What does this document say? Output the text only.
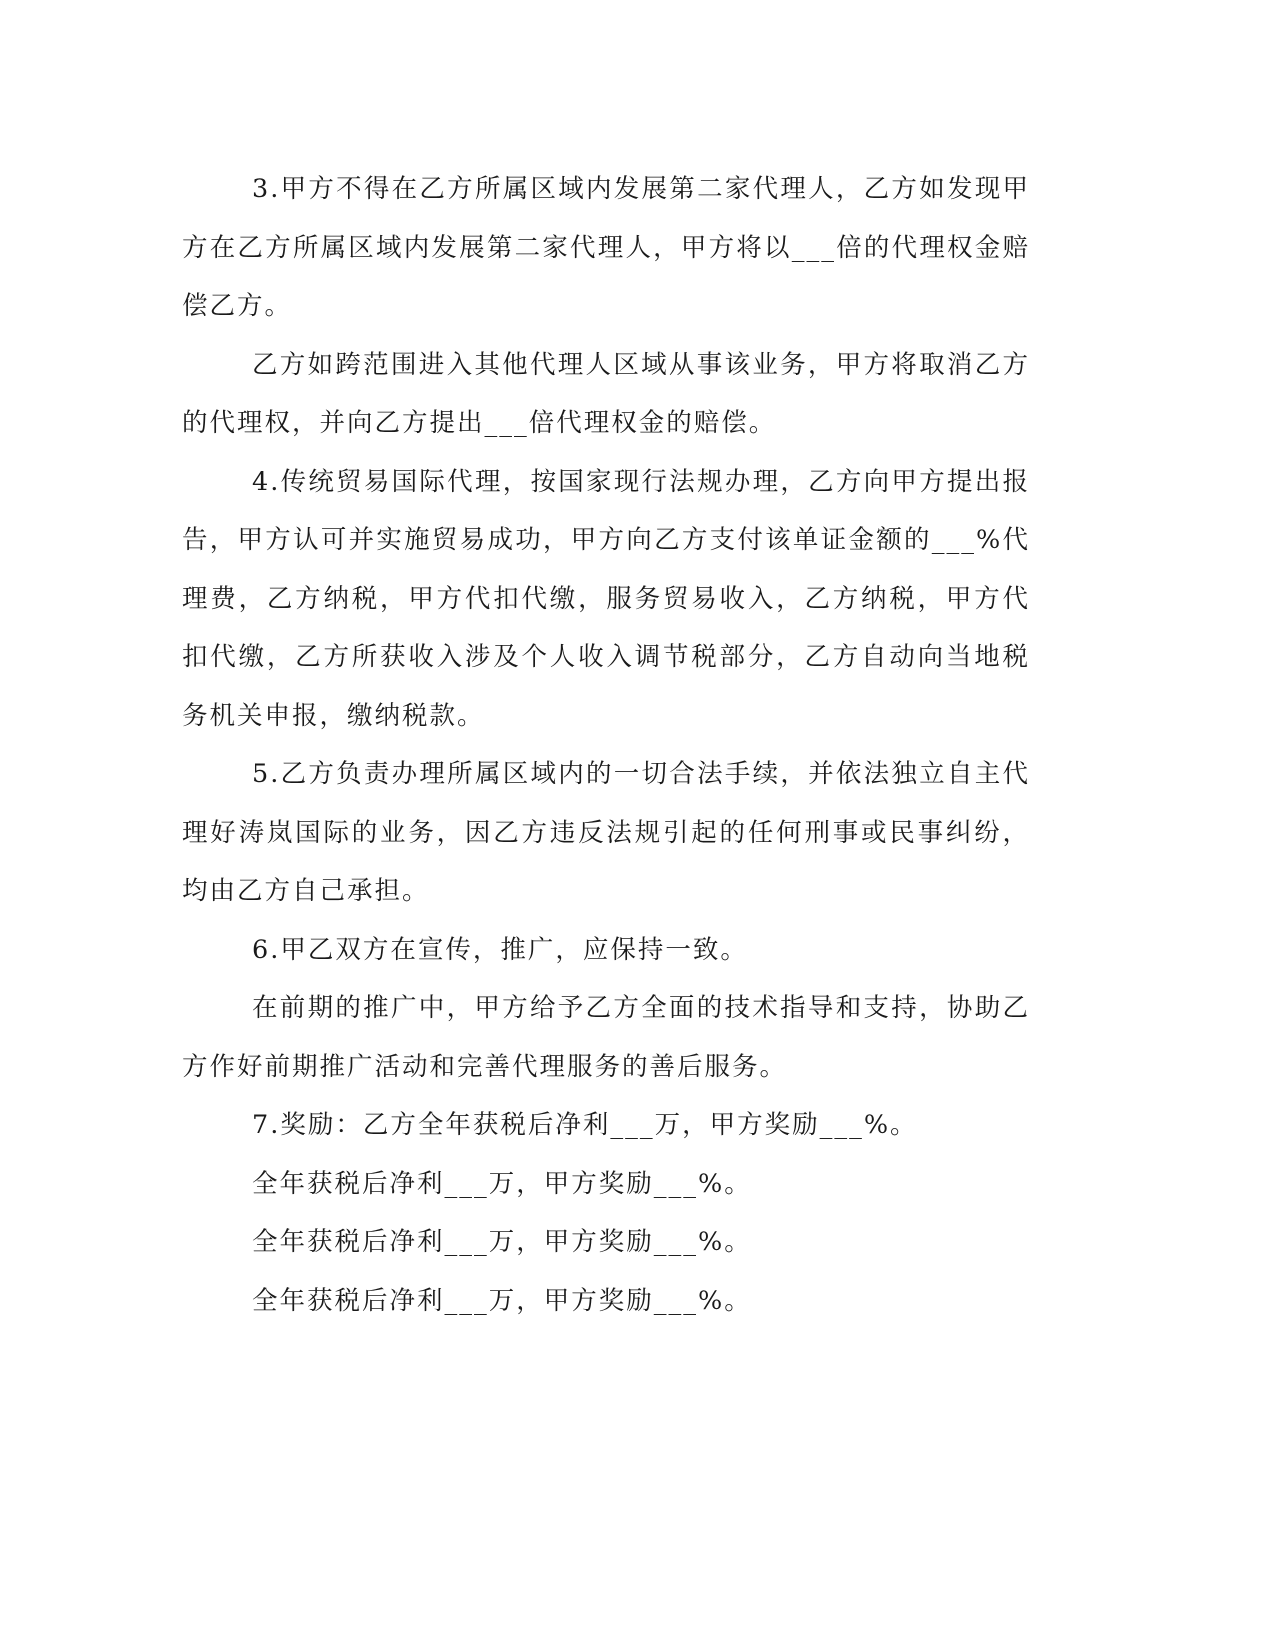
3.甲方不得在乙方所属区域内发展第二家代理人，乙方如发现甲方在乙方所属区域内发展第二家代理人，甲方将以___倍的代理权金赔偿乙方。

乙方如跨范围进入其他代理人区域从事该业务，甲方将取消乙方的代理权，并向乙方提出___倍代理权金的赔偿。

4.传统贸易国际代理，按国家现行法规办理，乙方向甲方提出报告，甲方认可并实施贸易成功，甲方向乙方支付该单证金额的___%代理费，乙方纳税，甲方代扣代缴，服务贸易收入，乙方纳税，甲方代扣代缴，乙方所获收入涉及个人收入调节税部分，乙方自动向当地税务机关申报，缴纳税款。

5.乙方负责办理所属区域内的一切合法手续，并依法独立自主代理好涛岚国际的业务，因乙方违反法规引起的任何刑事或民事纠纷，均由乙方自己承担。

6.甲乙双方在宣传，推广，应保持一致。

在前期的推广中，甲方给予乙方全面的技术指导和支持，协助乙方作好前期推广活动和完善代理服务的善后服务。

7.奖励：乙方全年获税后净利___万，甲方奖励___%。

全年获税后净利___万，甲方奖励___%。

全年获税后净利___万，甲方奖励___%。

全年获税后净利___万，甲方奖励___%。
